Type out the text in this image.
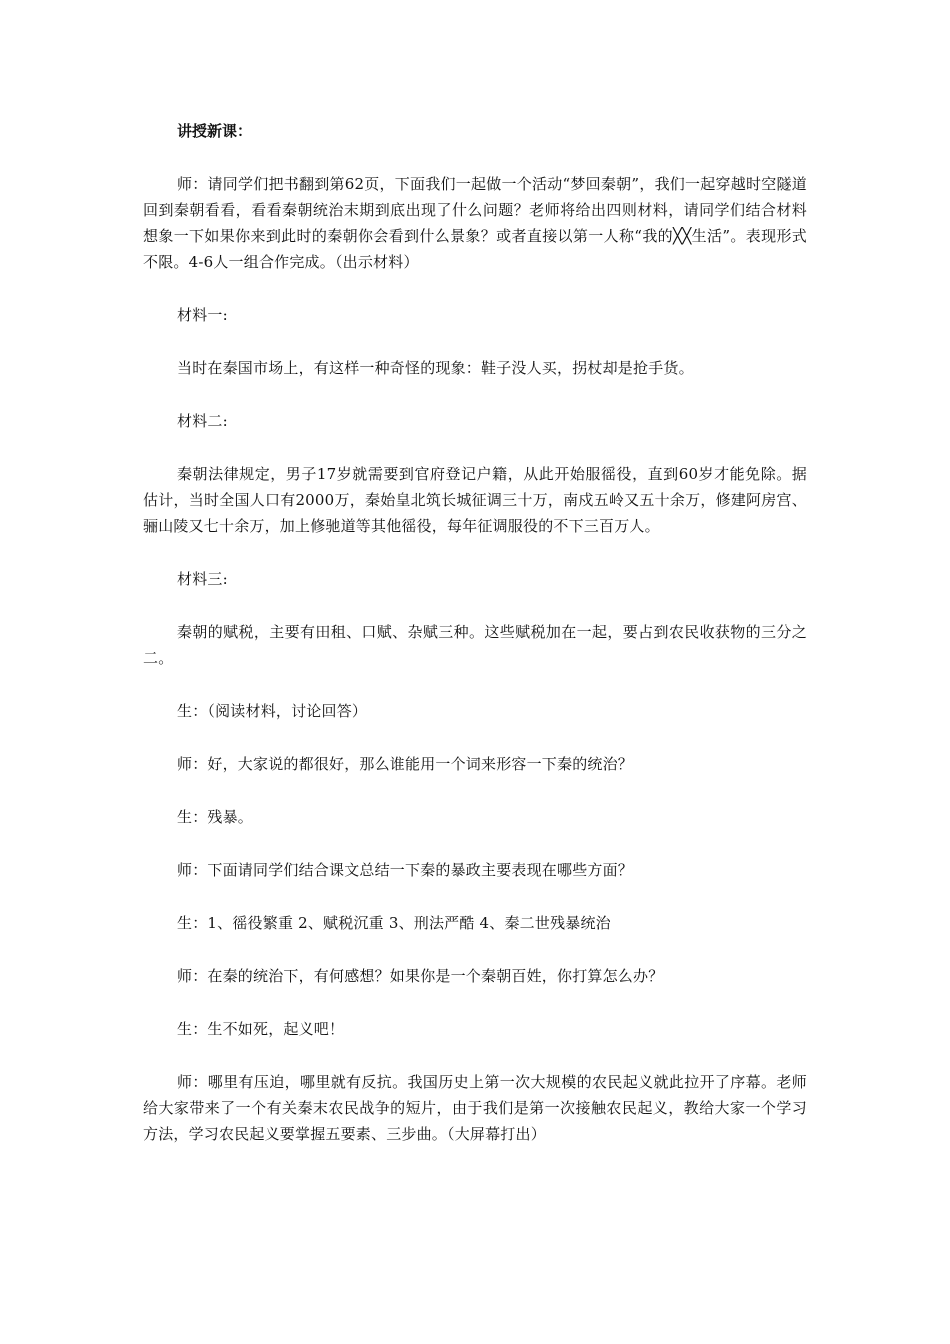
讲授新课：

师：请同学们把书翻到第62页，下面我们一起做一个活动“梦回秦朝”，我们一起穿越时空隧道回到秦朝看看，看看秦朝统治末期到底出现了什么问题？老师将给出四则材料，请同学们结合材料想象一下如果你来到此时的秦朝你会看到什么景象？或者直接以第一人称“我的╳╳生活”。表现形式不限。4-6人一组合作完成。（出示材料）

材料一:

当时在秦国市场上，有这样一种奇怪的现象：鞋子没人买，拐杖却是抢手货。

材料二:

秦朝法律规定，男子17岁就需要到官府登记户籍，从此开始服徭役，直到60岁才能免除。据估计，当时全国人口有2000万，秦始皇北筑长城征调三十万，南戍五岭又五十余万，修建阿房宫、骊山陵又七十余万，加上修驰道等其他徭役，每年征调服役的不下三百万人。

材料三:

秦朝的赋税，主要有田租、口赋、杂赋三种。这些赋税加在一起，要占到农民收获物的三分之二。

生：（阅读材料，讨论回答）

师：好，大家说的都很好，那么谁能用一个词来形容一下秦的统治？

生：残暴。

师：下面请同学们结合课文总结一下秦的暴政主要表现在哪些方面？

生：1、徭役繁重 2、赋税沉重 3、刑法严酷 4、秦二世残暴统治

师：在秦的统治下，有何感想？如果你是一个秦朝百姓，你打算怎么办？

生：生不如死，起义吧！

师：哪里有压迫，哪里就有反抗。我国历史上第一次大规模的农民起义就此拉开了序幕。老师给大家带来了一个有关秦末农民战争的短片，由于我们是第一次接触农民起义，教给大家一个学习方法，学习农民起义要掌握五要素、三步曲。（大屏幕打出）
